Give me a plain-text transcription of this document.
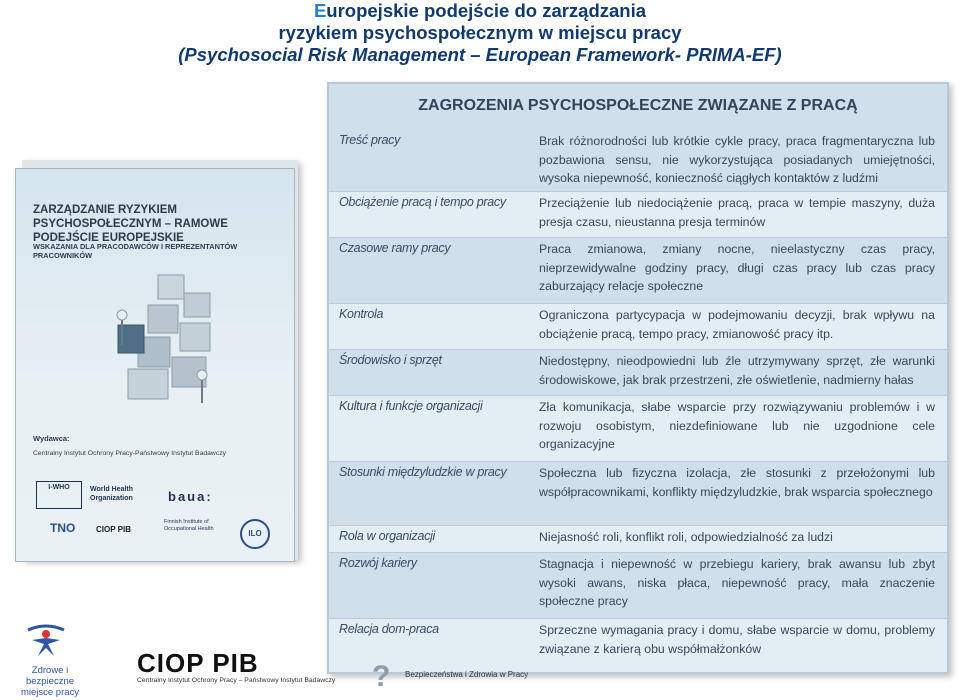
Europejskie podejście do zarządzania
ryzykiem psychospołecznym w miejscu pracy
(Psychosocial Risk Management – European Framework- PRIMA-EF)
ZARZĄDZANIE RYZYKIEM PSYCHOSPOŁECZNYM – RAMOWE PODEJŚCIE EUROPEJSKIE
WSKAZANIA DLA PRACODAWCÓW I REPREZENTANTÓW PRACOWNIKÓW
Wydawca:
Centralny Instytut Ochrony Pracy-Państwowy Instytut Badawczy
I-WHO	World Health Organization	baua:
TNO	CIOP PIB
Finnish Institute of Occupational Health	ILO
ZAGROZENIA PSYCHOSPOŁECZNE ZWIĄZANE Z PRACĄ
Treść pracy	Brak różnorodności lub krótkie cykle pracy, praca fragmentaryczna lub pozbawiona sensu, nie wykorzystująca posiadanych umiejętności, wysoka niepewność, konieczność ciągłych kontaktów z ludźmi
Obciążenie pracą i tempo pracy	Przeciążenie lub niedociążenie pracą, praca w tempie maszyny, duża presja czasu, nieustanna presja terminów
Czasowe ramy pracy	Praca zmianowa, zmiany nocne, nieelastyczny czas pracy, nieprzewidywalne godziny pracy, długi czas pracy lub czas pracy zaburzający relacje społeczne
Kontrola	Ograniczona partycypacja w podejmowaniu decyzji, brak wpływu na obciążenie pracą, tempo pracy, zmianowość pracy itp.
Środowisko i sprzęt	Niedostępny, nieodpowiedni lub źle utrzymywany sprzęt, złe warunki środowiskowe, jak brak przestrzeni, złe oświetlenie, nadmierny hałas
Kultura i funkcje organizacji	Zła komunikacja, słabe wsparcie przy rozwiązywaniu problemów i w rozwoju osobistym, niezdefiniowane lub nie uzgodnione cele organizacyjne
Stosunki międzyludzkie w pracy	Społeczna lub fizyczna izolacja, złe stosunki z przełożonymi lub współpracownikami, konflikty międzyludzkie, brak wsparcia społecznego
Rola w organizacji	Niejasność roli, konflikt roli, odpowiedzialność za ludzi
Rozwój kariery	Stagnacja i niepewność w przebiegu kariery, brak awansu lub zbyt wysoki awans, niska płaca, niepewność pracy, mała znaczenie społeczne pracy
Relacja dom-praca	Sprzeczne wymagania pracy i domu, słabe wsparcie w domu, problemy związane z karierą obu współmałżonków
Zdrowe i bezpieczne miejsce pracy
CIOP PIB
Centralny Instytut Ochrony Pracy – Państwowy Instytut Badawczy ? Bezpieczeństwa i Zdrowia w Pracy
